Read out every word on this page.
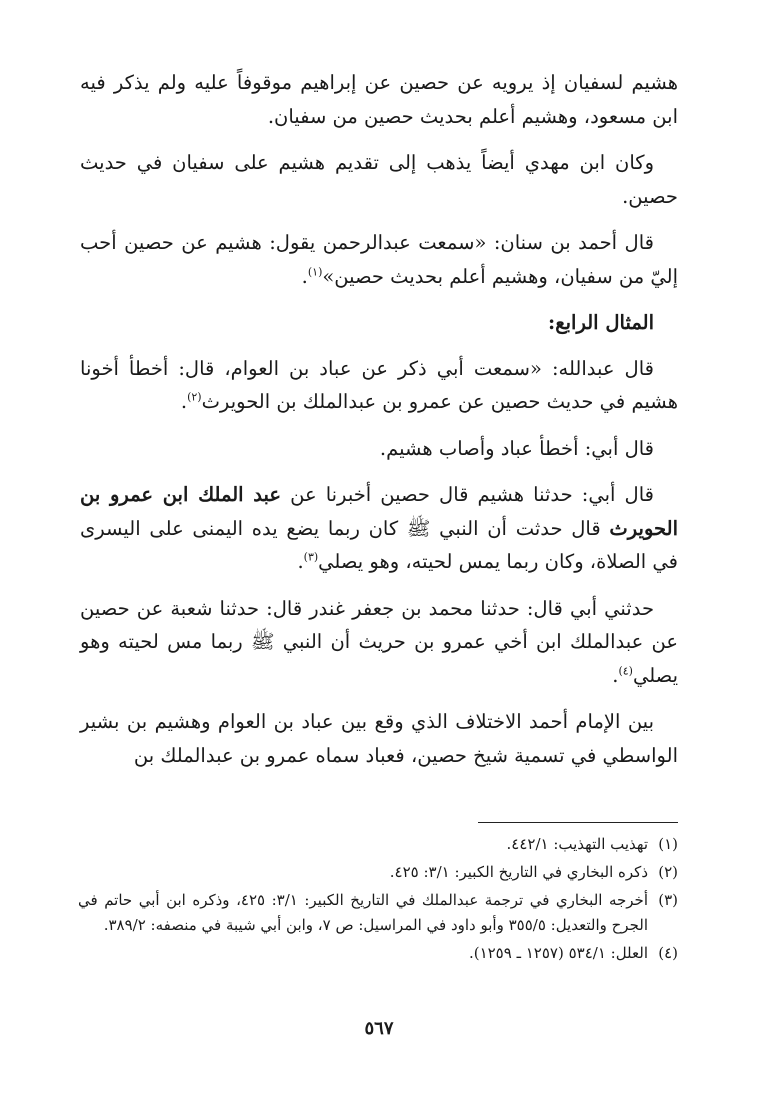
هشيم لسفيان إذ يرويه عن حصين عن إبراهيم موقوفاً عليه ولم يذكر فيه ابن مسعود، وهشيم أعلم بحديث حصين من سفيان.

وكان ابن مهدي أيضاً يذهب إلى تقديم هشيم على سفيان في حديث حصين.

قال أحمد بن سنان: «سمعت عبدالرحمن يقول: هشيم عن حصين أحب إليّ من سفيان، وهشيم أعلم بحديث حصين»$^{(١)}$.

المثال الرابع:

قال عبدالله: «سمعت أبي ذكر عن عباد بن العوام، قال: أخطأ أخونا هشيم في حديث حصين عن عمرو بن عبدالملك بن الحويرث$^{(٢)}$.

قال أبي: أخطأ عباد وأصاب هشيم.

قال أبي: حدثنا هشيم قال حصين أخبرنا عن عبد الملك ابن عمرو بن الحويرث قال حدثت أن النبي ﷺ كان ربما يضع يده اليمنى على اليسرى في الصلاة، وكان ربما يمس لحيته، وهو يصلي$^{(٣)}$.

حدثني أبي قال: حدثنا محمد بن جعفر غندر قال: حدثنا شعبة عن حصين عن عبدالملك ابن أخي عمرو بن حريث أن النبي ﷺ ربما مس لحيته وهو يصلي$^{(٤)}$.

بين الإمام أحمد الاختلاف الذي وقع بين عباد بن العوام وهشيم بن بشير الواسطي في تسمية شيخ حصين، فعباد سماه عمرو بن عبدالملك بن

(١)
تهذيب التهذيب: ٤٤٢/١.
(٢)
ذكره البخاري في التاريخ الكبير: ٣/١: ٤٢٥.
(٣)
أخرجه البخاري في ترجمة عبدالملك في التاريخ الكبير: ٣/١: ٤٢٥، وذكره ابن أبي حاتم في الجرح والتعديل: ٣٥٥/٥ وأبو داود في المراسيل: ص ٧، وابن أبي شيبة في منصفه: ٣٨٩/٢.
(٤)
العلل: ٥٣٤/١ (١٢٥٧ ـ ١٢٥٩).
٥٦٧
